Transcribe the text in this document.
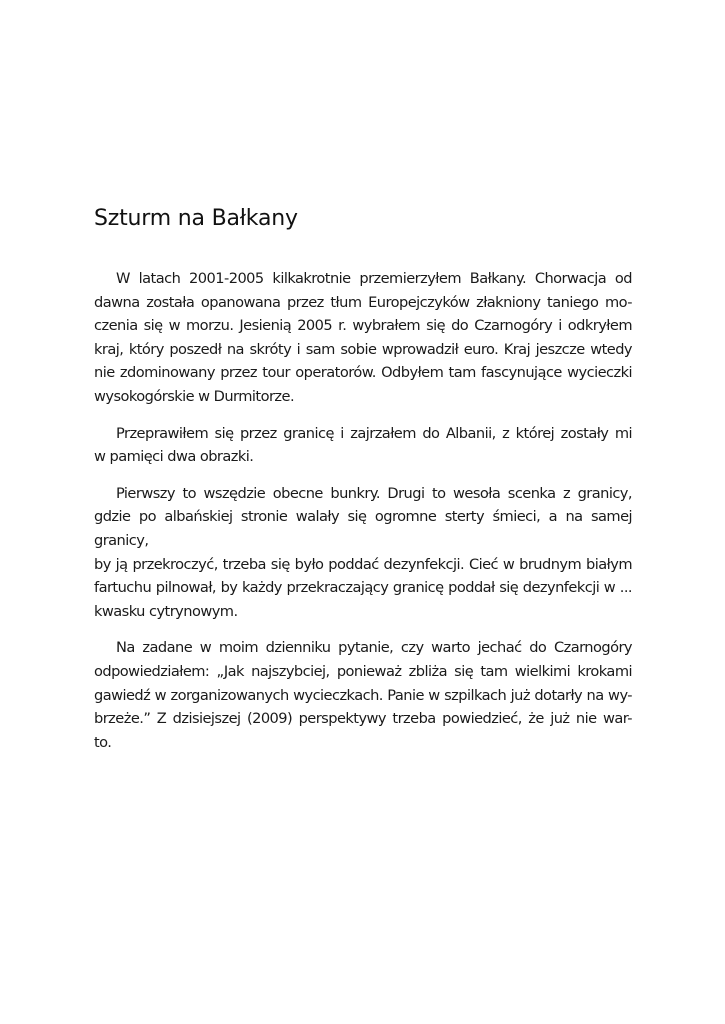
Szturm na Bałkany

W latach 2001-2005 kilkakrotnie przemierzyłem Bałkany. Chorwacja od
dawna została opanowana przez tłum Europejczyków złakniony taniego mo-
czenia się w morzu. Jesienią 2005 r. wybrałem się do Czarnogóry i odkryłem
kraj, który poszedł na skróty i sam sobie wprowadził euro. Kraj jeszcze wtedy
nie zdominowany przez tour operatorów. Odbyłem tam fascynujące wycieczki
wysokogórskie w Durmitorze.

Przeprawiłem się przez granicę i zajrzałem do Albanii, z której zostały mi
w pamięci dwa obrazki.

Pierwszy to wszędzie obecne bunkry. Drugi to wesoła scenka z granicy,
gdzie po albańskiej stronie walały się ogromne sterty śmieci, a na samej granicy,
by ją przekroczyć, trzeba się było poddać dezynfekcji. Cieć w brudnym białym
fartuchu pilnował, by każdy przekraczający granicę poddał się dezynfekcji w ...
kwasku cytrynowym.

Na zadane w moim dzienniku pytanie, czy warto jechać do Czarnogóry
odpowiedziałem: „Jak najszybciej, ponieważ zbliża się tam wielkimi krokami
gawiedź w zorganizowanych wycieczkach. Panie w szpilkach już dotarły na wy-
brzeże.” Z dzisiejszej (2009) perspektywy trzeba powiedzieć, że już nie war-
to.
